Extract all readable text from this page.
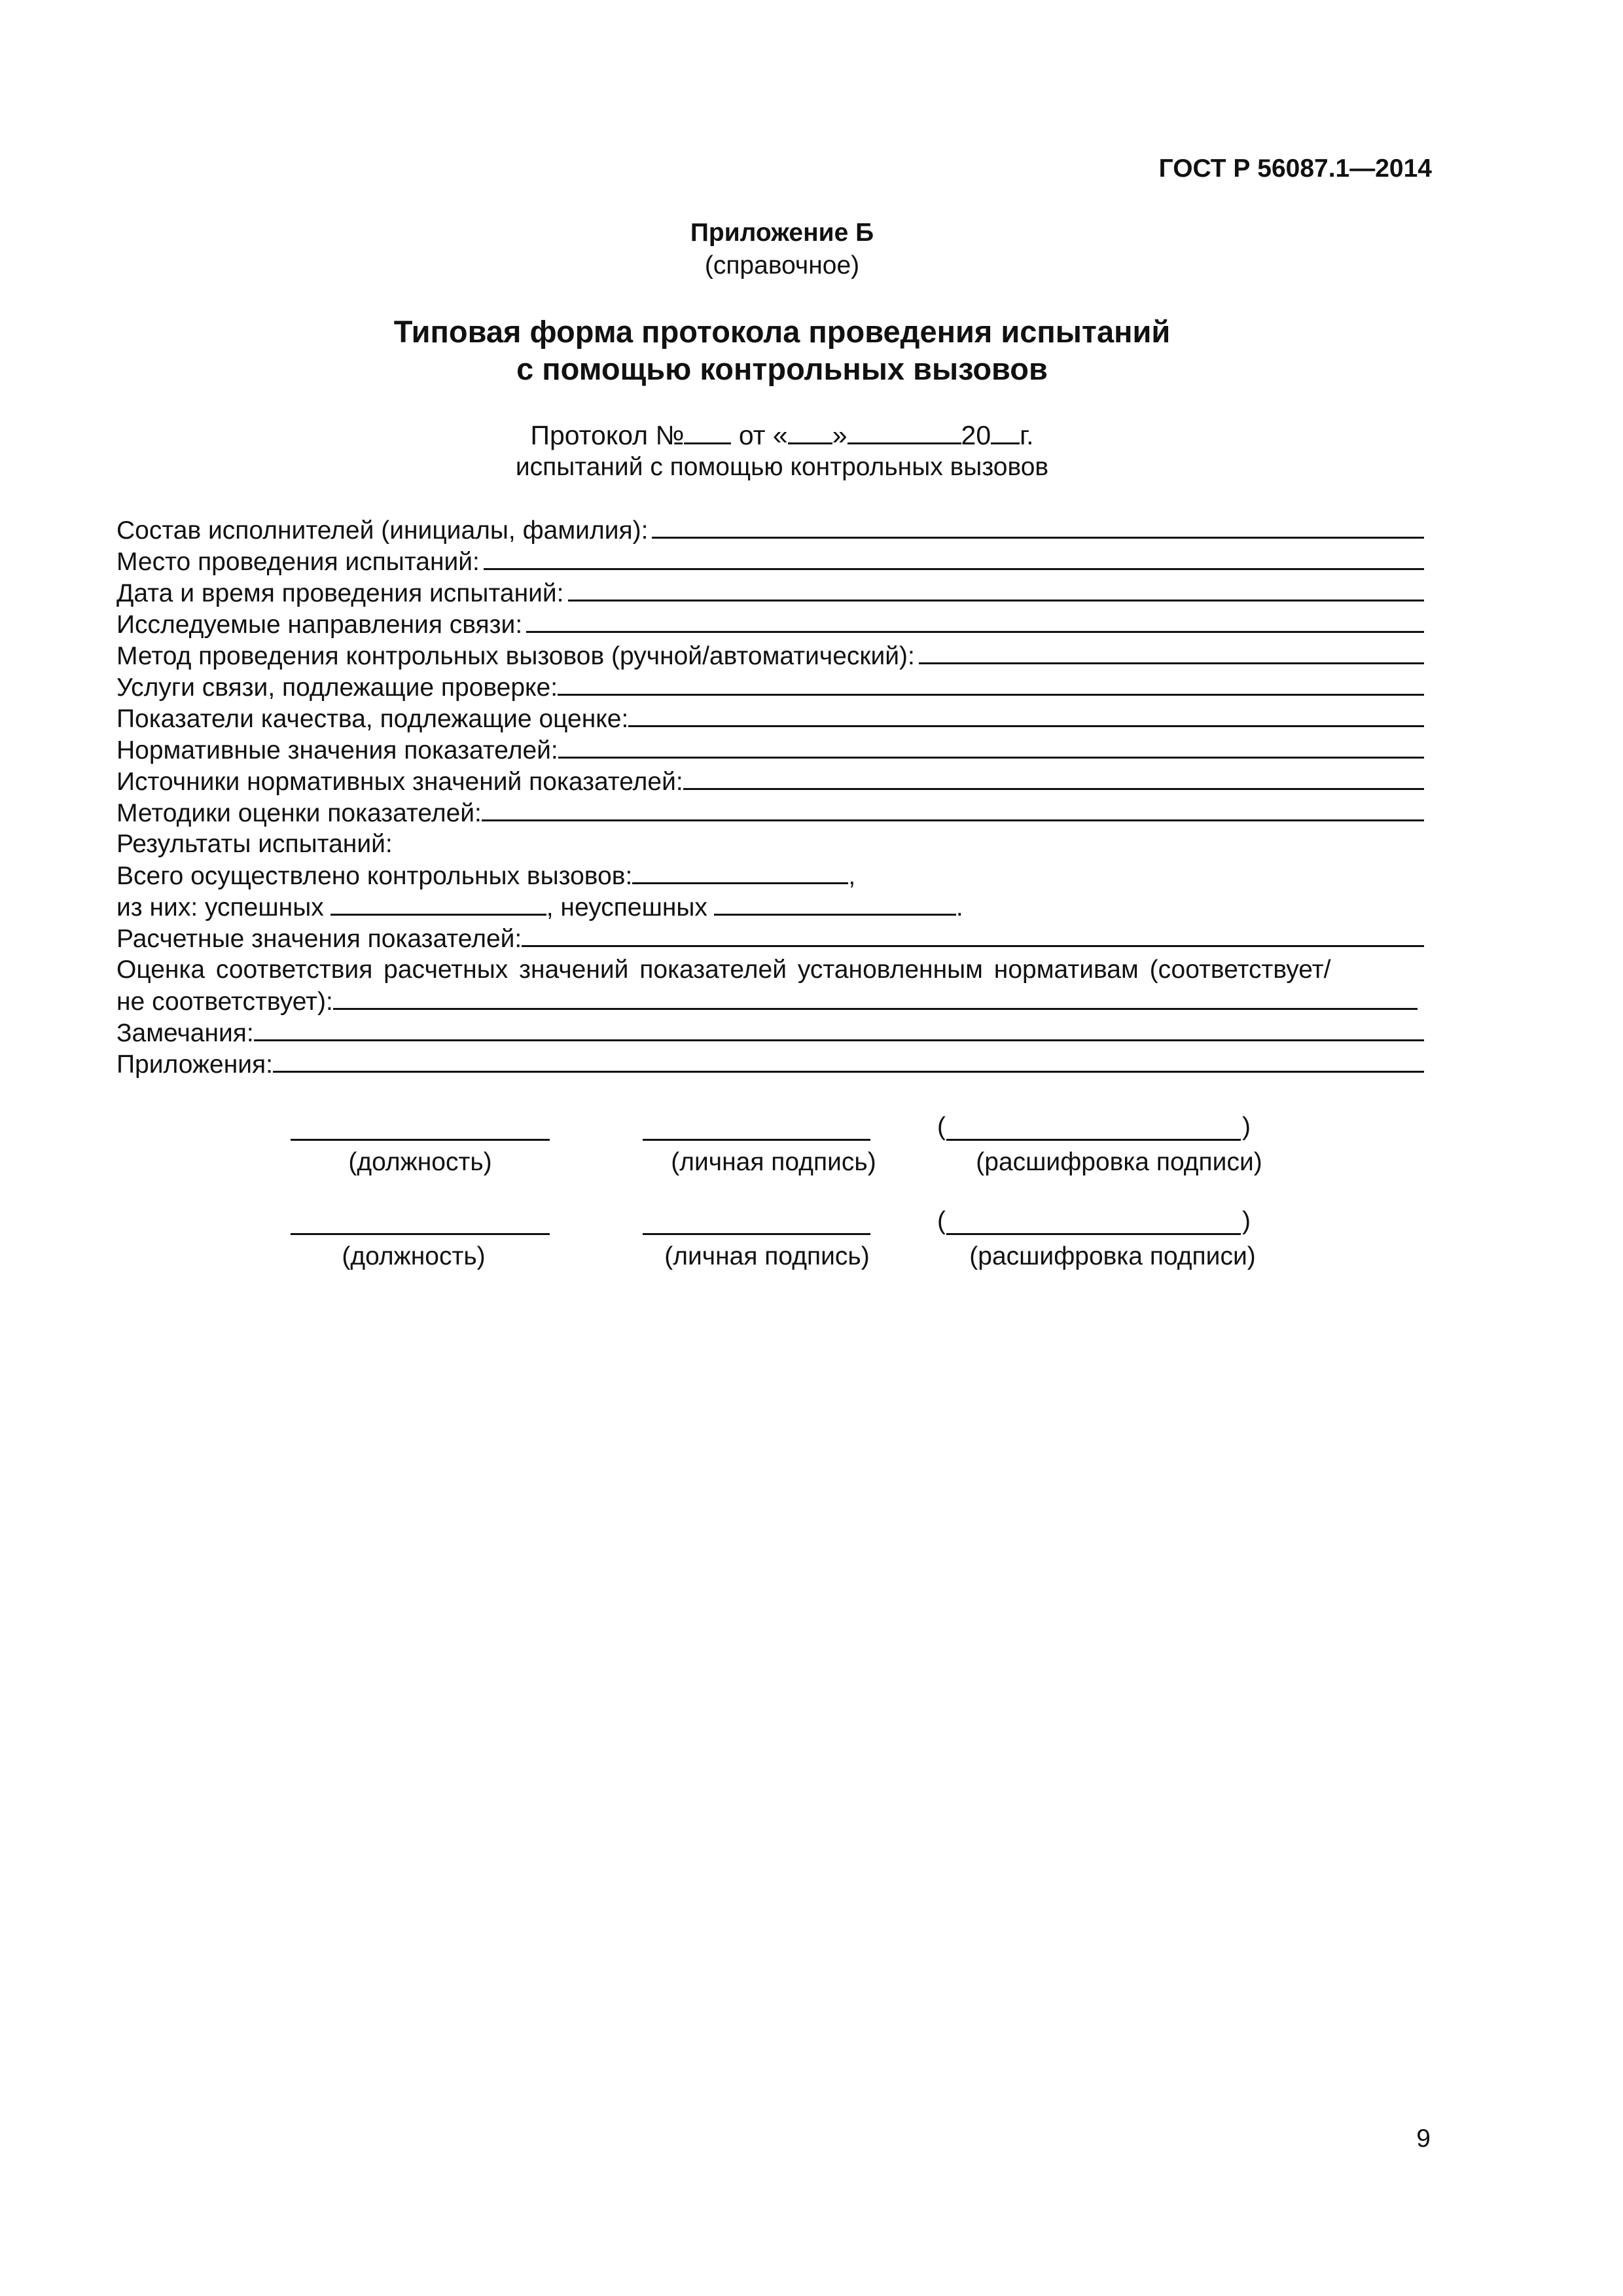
ГОСТ Р 56087.1—2014
Приложение Б
(справочное)
Типовая форма протокола проведения испытаний
с помощью контрольных вызовов
Протокол № от « »	20 г.
испытаний с помощью контрольных вызовов
Состав исполнителей (инициалы, фамилия):
Место проведения испытаний:
Дата и время проведения испытаний:
Исследуемые направления связи:
Метод проведения контрольных вызовов (ручной/автоматический):
Услуги связи, подлежащие проверке:
Показатели качества, подлежащие оценке:
Нормативные значения показателей:
Источники нормативных значений показателей:
Методики оценки показателей:
Результаты испытаний:
Всего осуществлено контрольных вызовов:	,
из них: успешных	, неуспешных	.
Расчетные значения показателей:
Оценка соответствия расчетных значений показателей установленным нормативам (соответствует/
не соответствует):
Замечания:
Приложения:
(	)
(должность)	(личная подпись)	(расшифровка подписи)
(	)
(должность)	(личная подпись)	(расшифровка подписи)
9
